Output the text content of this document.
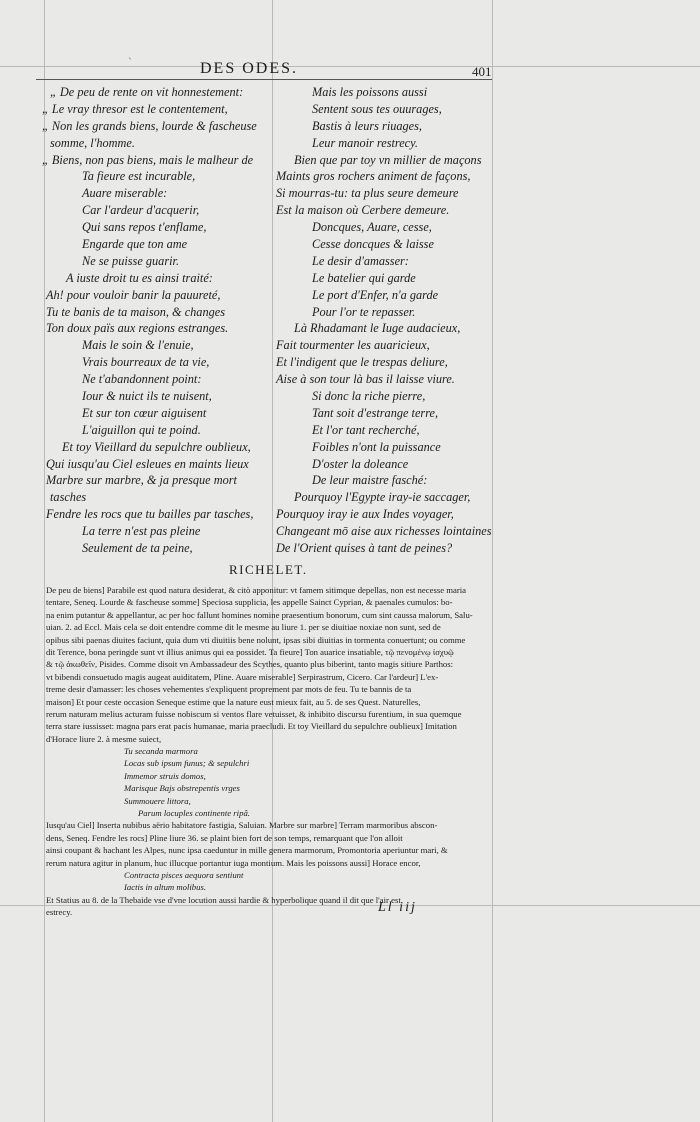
ˎ
DES ODES.	401
„ De peu de rente on vit honnestement:
„ Le vray thresor est le contentement,
„ Non les grands biens, lourde & fascheuse
somme, l'homme.
„ Biens, non pas biens, mais le malheur de
Ta fieure est incurable,
Auare miserable:
Car l'ardeur d'acquerir,
Qui sans repos t'enflame,
Engarde que ton ame
Ne se puisse guarir.
A iuste droit tu es ainsi traité:
Ah! pour vouloir banir la pauureté,
Tu te banis de ta maison, & changes
Ton doux païs aux regions estranges.
Mais le soin & l'enuie,
Vrais bourreaux de ta vie,
Ne t'abandonnent point:
Iour & nuict ils te nuisent,
Et sur ton cœur aiguisent
L'aiguillon qui te poind.
Et toy Vieillard du sepulchre oublieux,
Qui iusqu'au Ciel esleues en maints lieux
Marbre sur marbre, & ja presque mort
tasches
Fendre les rocs que tu bailles par tasches,
La terre n'est pas pleine
Seulement de ta peine,
Mais les poissons aussi
Sentent sous tes ouurages,
Bastis à leurs riuages,
Leur manoir restrecy.
Bien que par toy vn millier de maçons
Maints gros rochers animent de façons,
Si mourras-tu: ta plus seure demeure
Est la maison où Cerbere demeure.
Doncques, Auare, cesse,
Cesse doncques & laisse
Le desir d'amasser:
Le batelier qui garde
Le port d'Enfer, n'a garde
Pour l'or te repasser.
Là Rhadamant le Iuge audacieux,
Fait tourmenter les auaricieux,
Et l'indigent que le trespas deliure,
Aise à son tour là bas il laisse viure.
Si donc la riche pierre,
Tant soit d'estrange terre,
Et l'or tant recherché,
Foibles n'ont la puissance
D'oster la doleance
De leur maistre fasché:
Pourquoy l'Egypte iray-ie saccager,
Pourquoy iray ie aux Indes voyager,
Changeant mō aise aux richesses lointaines
De l'Orient quises à tant de peines?
RICHELET.
De peu de biens] Parabile est quod natura desiderat, & citò apponitur: vt famem sitimque depellas, non est necesse maria
tentare, Seneq. Lourde & fascheuse somme] Speciosa supplicia, les appelle Sainct Cyprian, & paenales cumulos: bo-
na enim putantur & appellantur, ac per hoc fallunt homines nomine praesentium bonorum, cum sint caussa malorum, Salu-
uian. 2. ad Eccl. Mais cela se doit entendre comme dit le mesme au liure 1. per se diuitiae noxiae non sunt, sed de
opibus sibi paenas diuites faciunt, quia dum vti diuitiis bene nolunt, ipsas sibi diuitias in tormenta conuertunt; ou comme
dit Terence, bona peringde sunt vt illius animus qui ea possidet. Ta fieure] Ton auarice insatiable, τῷ πενομένῳ ἰσχυῷ
& τῷ ἀκωθεῖν, Pisides. Comme disoit vn Ambassadeur des Scythes, quanto plus biberint, tanto magis sitiure Parthos:
vt bibendi consuetudo magis augeat auiditatem, Pline. Auare miserable] Serpirastrum, Cicero. Car l'ardeur] L'ex-
treme desir d'amasser: les choses vehementes s'expliquent proprement par mots de feu. Tu te bannis de ta
maison] Et pour ceste occasion Seneque estime que la nature eust mieux fait, au 5. de ses Quest. Naturelles,
rerum naturam melius acturam fuisse nobiscum si ventos flare vetuisset, & inhibito discursu furentium, in sua quemque
terra stare iussisset: magna pars erat pacis humanae, maria praecludi. Et toy Vieillard du sepulchre oublieux] Imitation
d'Horace liure 2. à mesme suiect,
Tu secanda marmora
Locas sub ipsum funus; & sepulchri
Immemor struis domos,
Marisque Bajs obstrepentis vrges
Summouere littora,
Parum locuples continente ripâ.
Iusqu'au Ciel] Inserta nubibus aërio habitatore fastigia, Saluian. Marbre sur marbre] Terram marmoribus abscon-
dens, Seneq. Fendre les rocs] Pline liure 36. se plaint bien fort de son temps, remarquant que l'on alloit
ainsi coupant & hachant les Alpes, nunc ipsa caeduntur in mille genera marmorum, Promontoria aperiuntur mari, &
rerum natura agitur in planum, huc illucque portantur iuga montium. Mais les poissons aussi] Horace encor,
Contracta pisces aequora sentiunt
Iactis in altum molibus.
Et Statius au 8. de la Thebaide vse d'vne locution aussi hardie & hyperbolique quand il dit que l'air est
estrecy.	Ll iij
